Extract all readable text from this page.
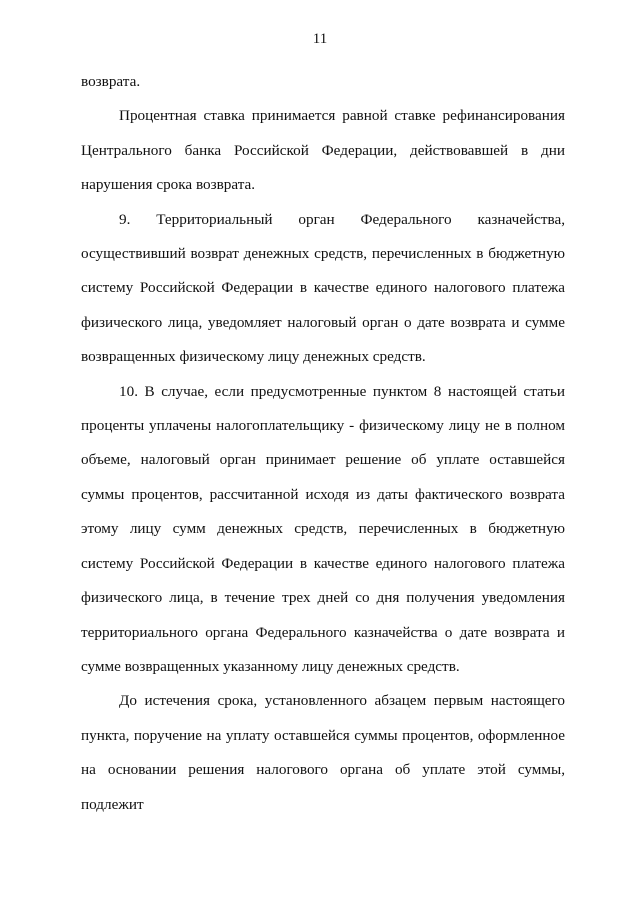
11

возврата.

Процентная ставка принимается равной ставке рефинансирования Центрального банка Российской Федерации, действовавшей в дни нарушения срока возврата.

9. Территориальный орган Федерального казначейства, осуществивший возврат денежных средств, перечисленных в бюджетную систему Российской Федерации в качестве единого налогового платежа физического лица, уведомляет налоговый орган о дате возврата и сумме возвращенных физическому лицу денежных средств.

10. В случае, если предусмотренные пунктом 8 настоящей статьи проценты уплачены налогоплательщику - физическому лицу не в полном объеме, налоговый орган принимает решение об уплате оставшейся суммы процентов, рассчитанной исходя из даты фактического возврата этому лицу сумм денежных средств, перечисленных в бюджетную систему Российской Федерации в качестве единого налогового платежа физического лица, в течение трех дней со дня получения уведомления территориального органа Федерального казначейства о дате возврата и сумме возвращенных указанному лицу денежных средств.

До истечения срока, установленного абзацем первым настоящего пункта, поручение на уплату оставшейся суммы процентов, оформленное на основании решения налогового органа об уплате этой суммы, подлежит
